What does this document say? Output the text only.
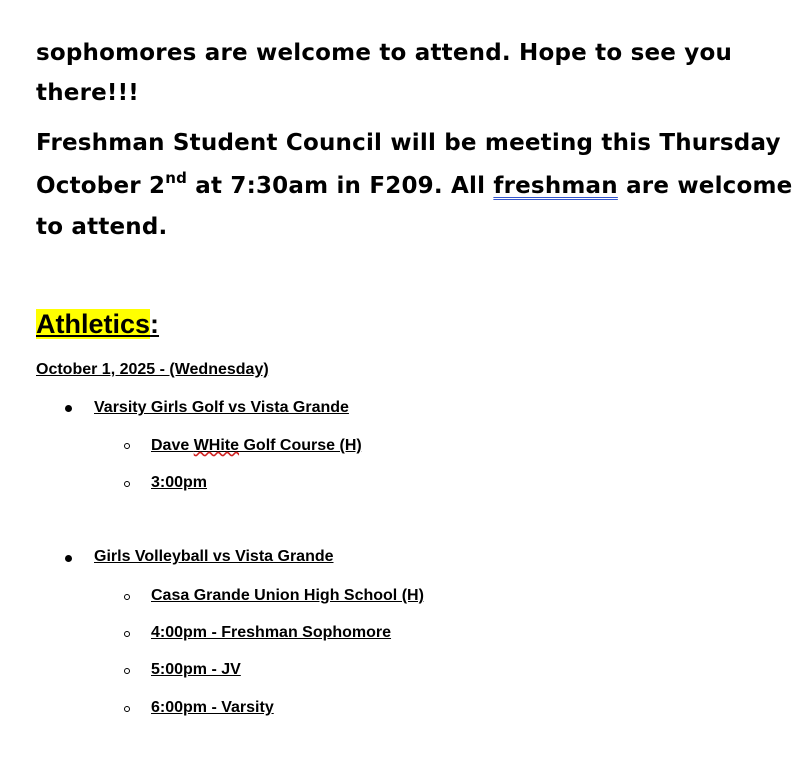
sophomores are welcome to attend. Hope to see you

there!!!

Freshman Student Council will be meeting this Thursday

October 2nd at 7:30am in F209. All freshman are welcome

to attend.

Athletics:

October 1, 2025 - (Wednesday)

Varsity Girls Golf vs Vista Grande
Dave WHite Golf Course (H)
3:00pm
Girls Volleyball vs Vista Grande
Casa Grande Union High School (H)
4:00pm - Freshman Sophomore
5:00pm - JV
6:00pm - Varsity
